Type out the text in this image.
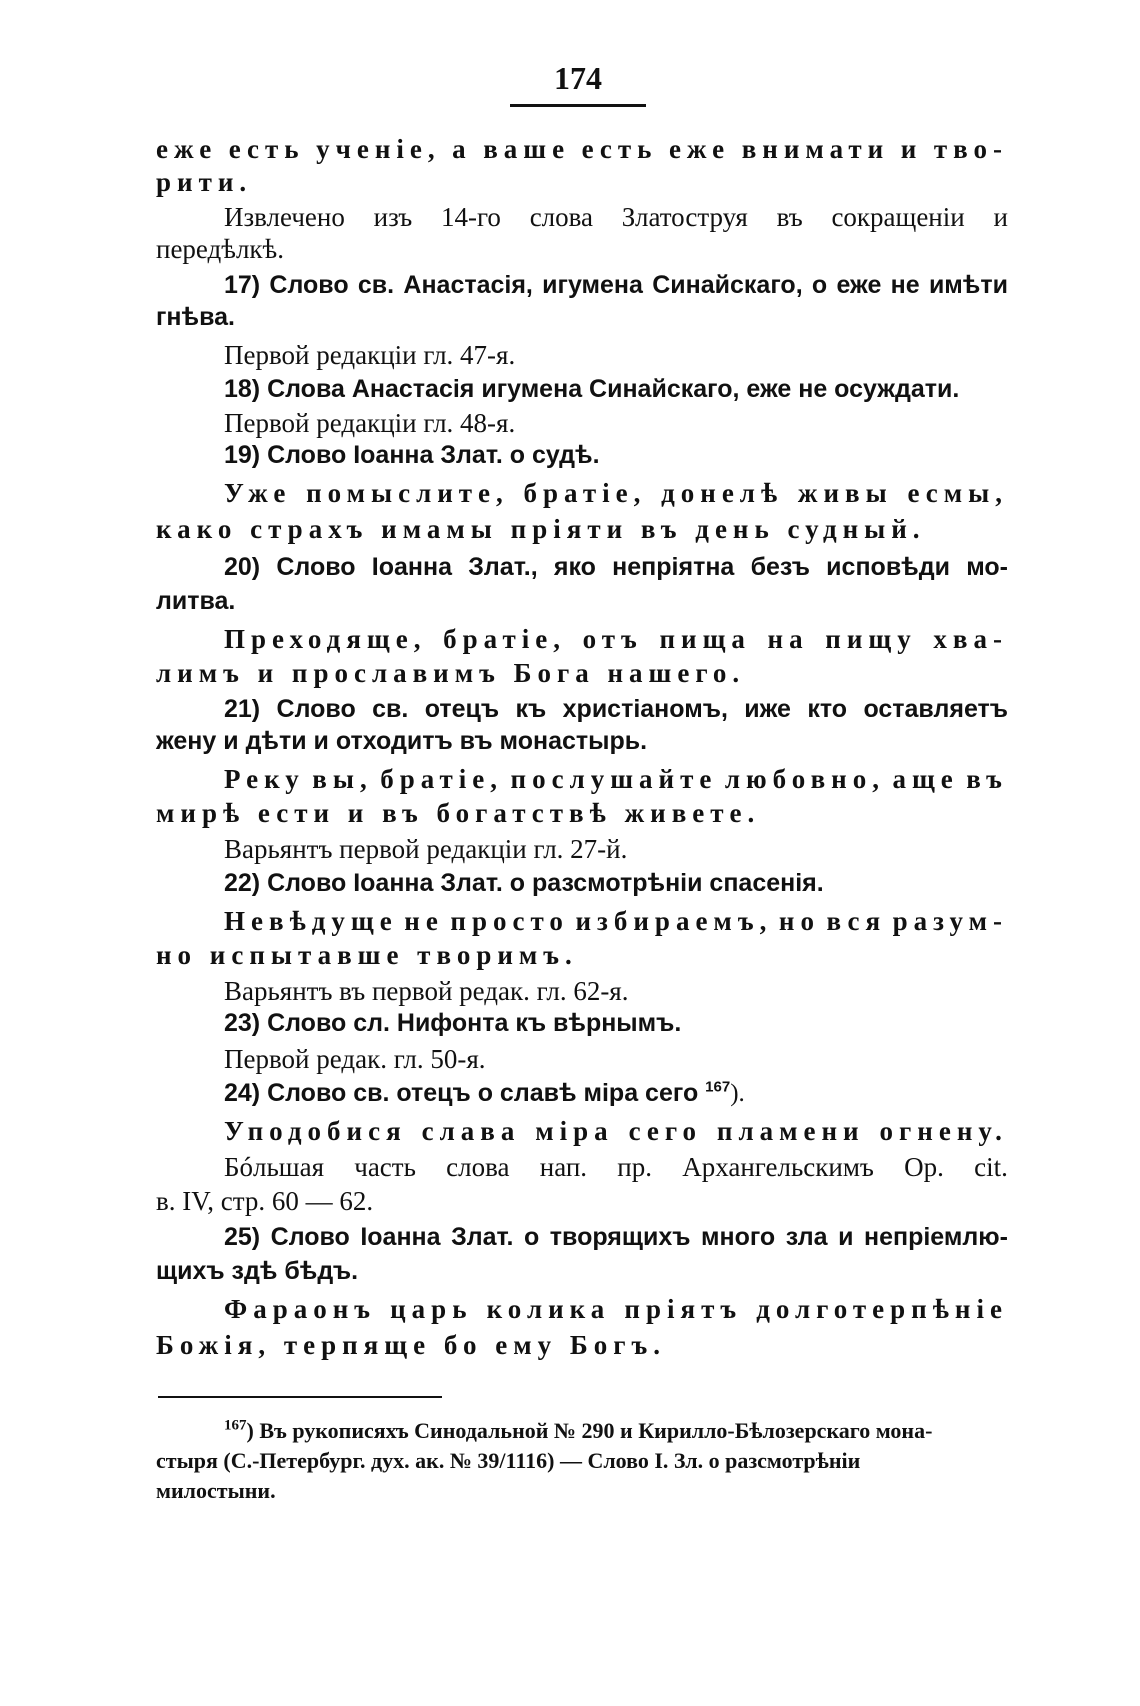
174
еже есть ученіе, а ваше есть еже внимати и тво-
рити.
Извлечено изъ 14-го слова Златоструя въ сокращеніи и
передѣлкѣ.
17) Слово св. Анастасія, игумена Синайскаго, о еже не имѣти
гнѣва.
Первой редакціи гл. 47-я.
18) Слова Анастасія игумена Синайскаго, еже не осуждати.
Первой редакціи гл. 48-я.
19) Слово Іоанна Злат. о судѣ.
Уже помыслите, братіе, донелѣ живы есмы,
како страхъ имамы пріяти въ день судный.
20) Слово Іоанна Злат., яко непріятна безъ исповѣди мо-
литва.
Преходяще, братіе, отъ пища на пищу хва-
лимъ и прославимъ Бога нашего.
21) Слово св. отецъ къ христіаномъ, иже кто оставляетъ
жену и дѣти и отходитъ въ монастырь.
Реку вы, братіе, послушайте любовно, аще въ
мирѣ ести и въ богатствѣ живете.
Варьянтъ первой редакціи гл. 27-й.
22) Слово Іоанна Злат. о разсмотрѣніи спасенія.
Невѣдуще не просто избираемъ, но вся разум-
но испытавше творимъ.
Варьянтъ въ первой редак. гл. 62-я.
23) Слово сл. Нифонта къ вѣрнымъ.
Первой редак. гл. 50-я.
24) Слово св. отецъ о славѣ міра сего $^{167}$).
Уподобися слава міра сего пламени огнену.
Бóльшая часть слова нап. пр. Архангельскимъ Op. cit.
в. IV, стр. 60 — 62.
25) Слово Іоанна Злат. о творящихъ много зла и непріемлю-
щихъ здѣ бѣдъ.
Фараонъ царь колика пріятъ долготерпѣніе
Божія, терпяще бо ему Богъ.
$^{167}$) Въ рукописяхъ Синодальной № 290 и Кирилло-Бѣлозерскаго мона-
стыря (С.-Петербург. дух. ак. № 39/1116) — Слово I. Зл. о разсмотрѣніи
милостыни.
